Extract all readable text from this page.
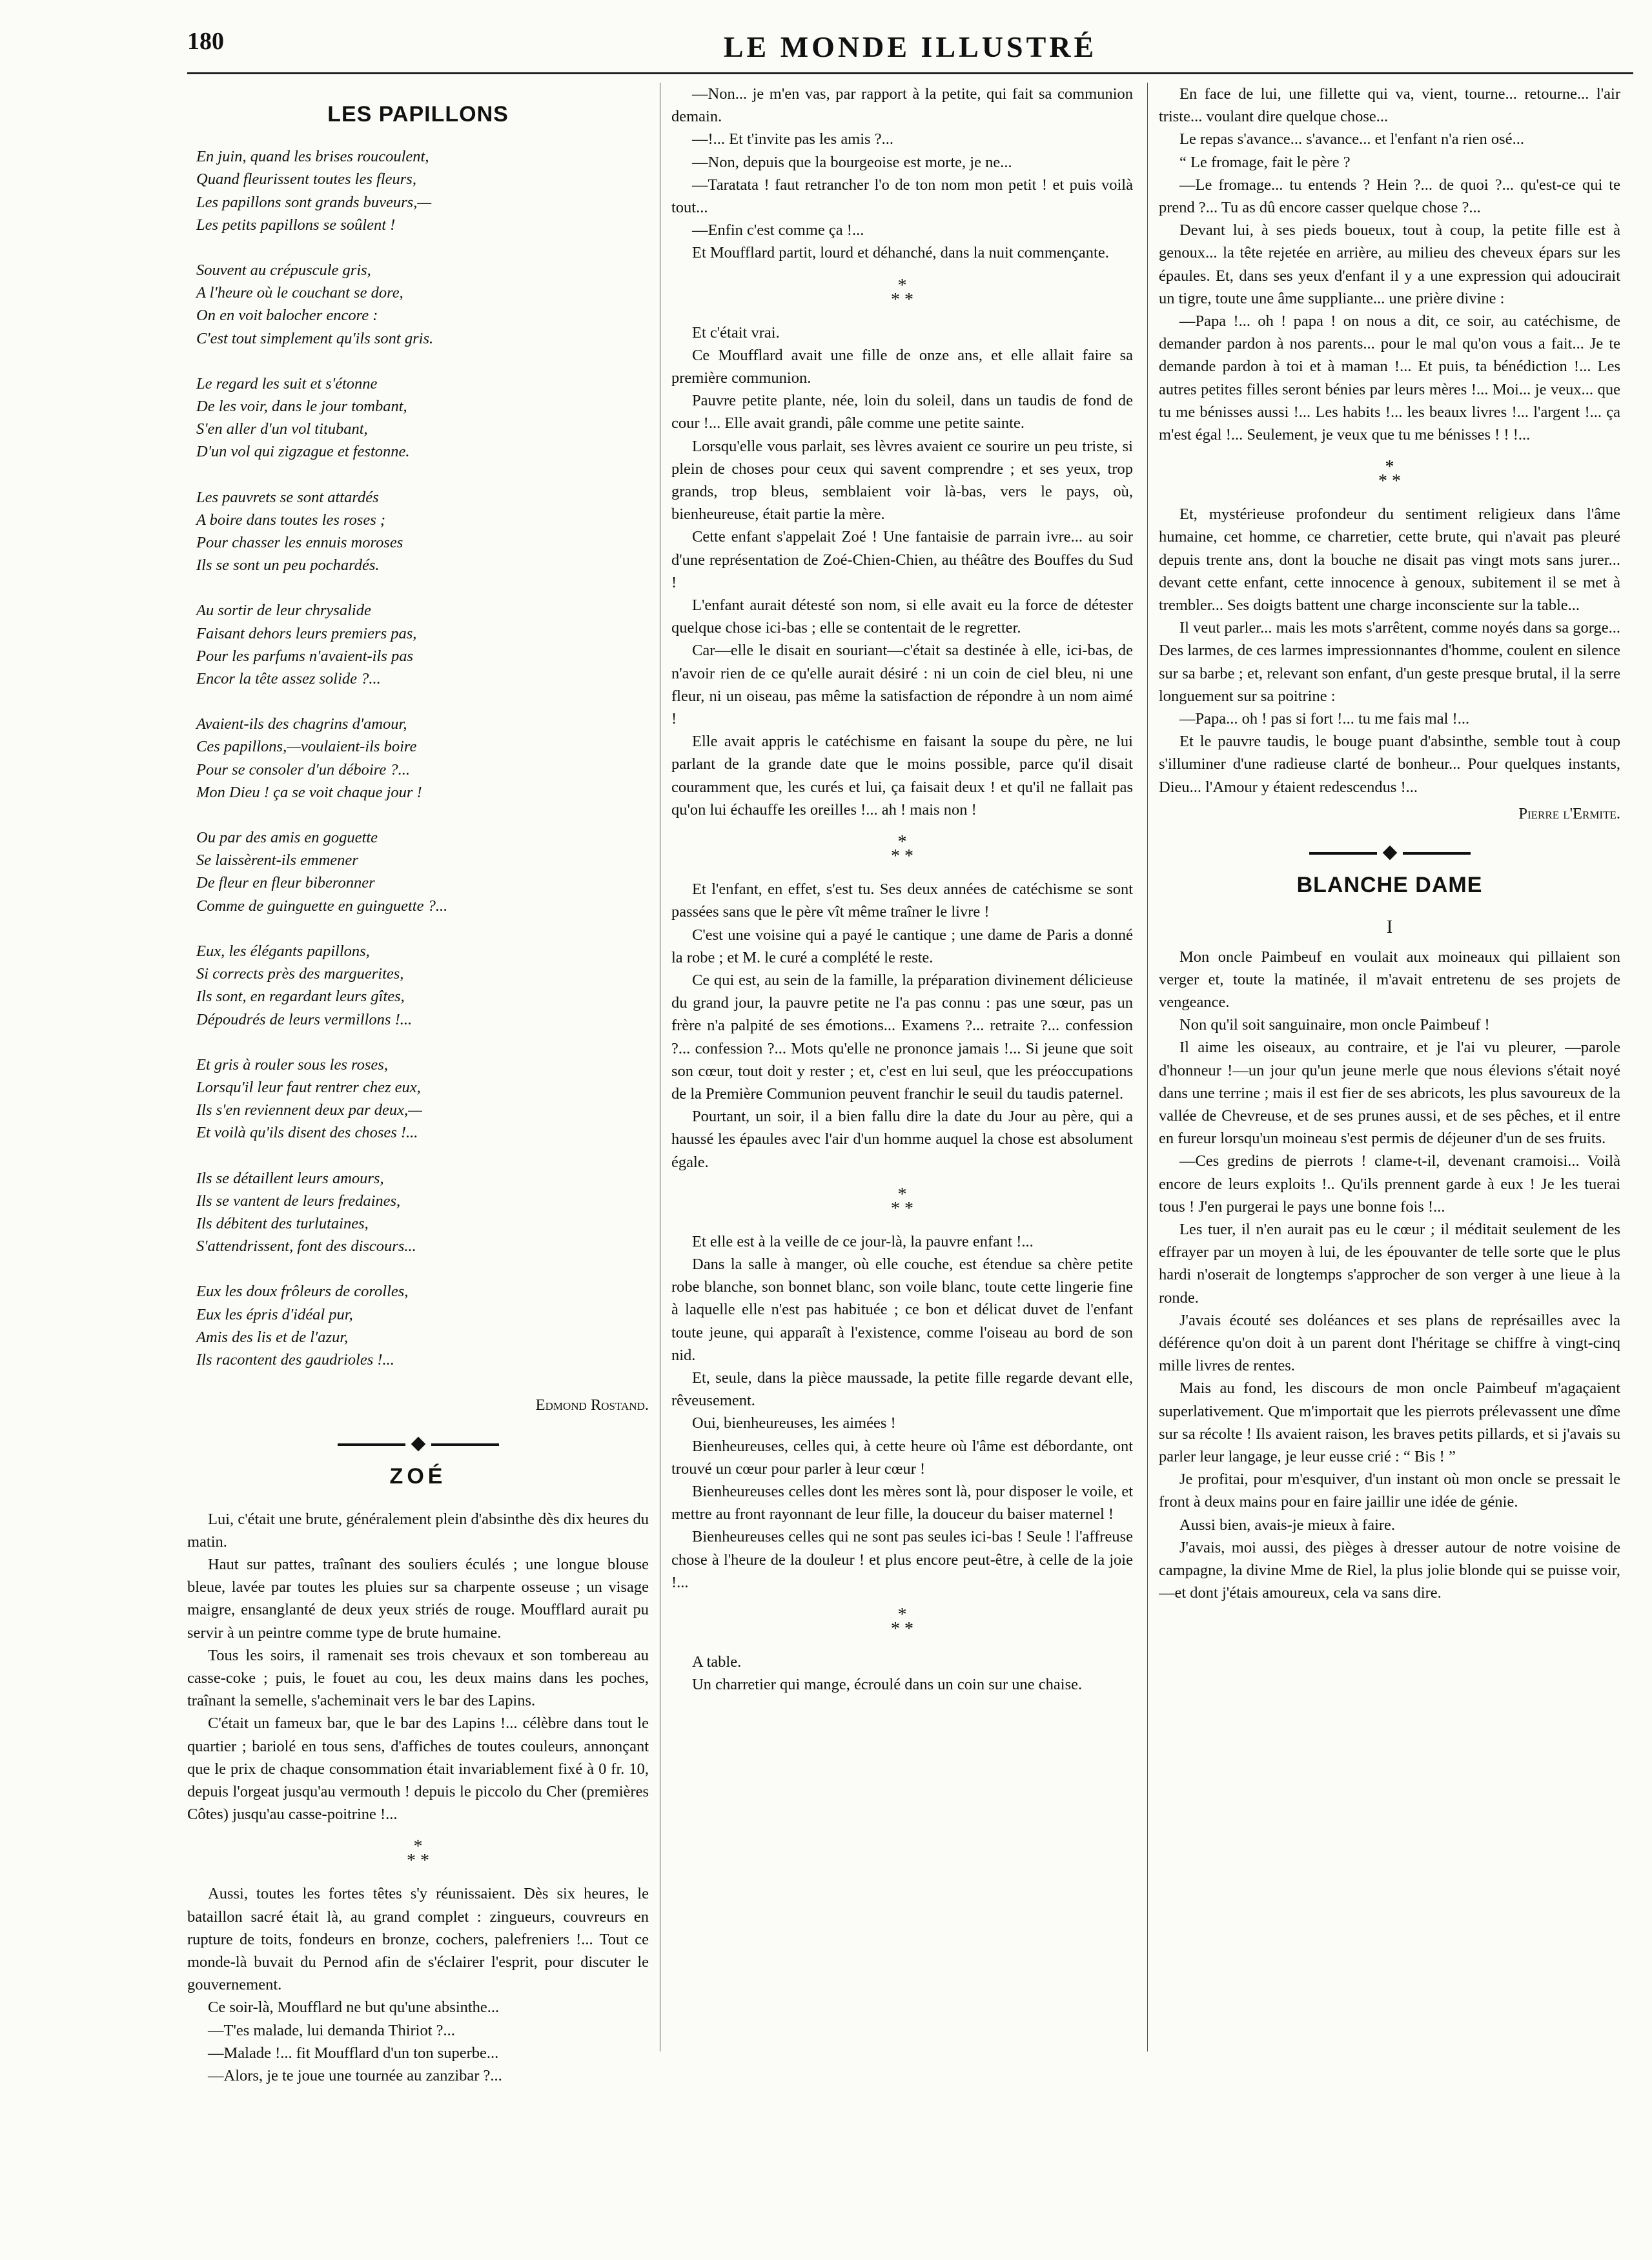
180	LE MONDE ILLUSTRÉ
LES PAPILLONS
En juin, quand les brises roucoulent,
Quand fleurissent toutes les fleurs,
Les papillons sont grands buveurs,—
Les petits papillons se soûlent !
Souvent au crépuscule gris,
A l'heure où le couchant se dore,
On en voit balocher encore :
C'est tout simplement qu'ils sont gris.
Le regard les suit et s'étonne
De les voir, dans le jour tombant,
S'en aller d'un vol titubant,
D'un vol qui zigzague et festonne.
Les pauvrets se sont attardés
A boire dans toutes les roses ;
Pour chasser les ennuis moroses
Ils se sont un peu pochardés.
Au sortir de leur chrysalide
Faisant dehors leurs premiers pas,
Pour les parfums n'avaient-ils pas
Encor la tête assez solide ?...
Avaient-ils des chagrins d'amour,
Ces papillons,—voulaient-ils boire
Pour se consoler d'un déboire ?...
Mon Dieu ! ça se voit chaque jour !
Ou par des amis en goguette
Se laissèrent-ils emmener
De fleur en fleur biberonner
Comme de guinguette en guinguette ?...
Eux, les élégants papillons,
Si corrects près des marguerites,
Ils sont, en regardant leurs gîtes,
Dépoudrés de leurs vermillons !...
Et gris à rouler sous les roses,
Lorsqu'il leur faut rentrer chez eux,
Ils s'en reviennent deux par deux,—
Et voilà qu'ils disent des choses !...
Ils se détaillent leurs amours,
Ils se vantent de leurs fredaines,
Ils débitent des turlutaines,
S'attendrissent, font des discours...
Eux les doux frôleurs de corolles,
Eux les épris d'idéal pur,
Amis des lis et de l'azur,
Ils racontent des gaudrioles !...
Edmond Rostand.
ZOÉ

Lui, c'était une brute, généralement plein d'absinthe dès dix heures du matin.

Haut sur pattes, traînant des souliers éculés ; une longue blouse bleue, lavée par toutes les pluies sur sa charpente osseuse ; un visage maigre, ensanglanté de deux yeux striés de rouge. Moufflard aurait pu servir à un peintre comme type de brute humaine.

Tous les soirs, il ramenait ses trois chevaux et son tombereau au casse-coke ; puis, le fouet au cou, les deux mains dans les poches, traînant la semelle, s'acheminait vers le bar des Lapins.

C'était un fameux bar, que le bar des Lapins !... célèbre dans tout le quartier ; bariolé en tous sens, d'affiches de toutes couleurs, annonçant que le prix de chaque consommation était invariablement fixé à 0 fr. 10, depuis l'orgeat jusqu'au vermouth ! depuis le piccolo du Cher (premières Côtes) jusqu'au casse-poitrine !...

*
* *

Aussi, toutes les fortes têtes s'y réunissaient. Dès six heures, le bataillon sacré était là, au grand complet : zingueurs, couvreurs en rupture de toits, fondeurs en bronze, cochers, palefreniers !... Tout ce monde-là buvait du Pernod afin de s'éclairer l'esprit, pour discuter le gouvernement.

Ce soir-là, Moufflard ne but qu'une absinthe...

—T'es malade, lui demanda Thiriot ?...

—Malade !... fit Moufflard d'un ton superbe...

—Alors, je te joue une tournée au zanzibar ?...

—Non... je m'en vas, par rapport à la petite, qui fait sa communion demain.

—!... Et t'invite pas les amis ?...

—Non, depuis que la bourgeoise est morte, je ne...

—Taratata ! faut retrancher l'o de ton nom mon petit ! et puis voilà tout...

—Enfin c'est comme ça !...

Et Moufflard partit, lourd et déhanché, dans la nuit commençante.

*
* *

Et c'était vrai.

Ce Moufflard avait une fille de onze ans, et elle allait faire sa première communion.

Pauvre petite plante, née, loin du soleil, dans un taudis de fond de cour !... Elle avait grandi, pâle comme une petite sainte.

Lorsqu'elle vous parlait, ses lèvres avaient ce sourire un peu triste, si plein de choses pour ceux qui savent comprendre ; et ses yeux, trop grands, trop bleus, semblaient voir là-bas, vers le pays, où, bienheureuse, était partie la mère.

Cette enfant s'appelait Zoé ! Une fantaisie de parrain ivre... au soir d'une représentation de Zoé-Chien-Chien, au théâtre des Bouffes du Sud !

L'enfant aurait détesté son nom, si elle avait eu la force de détester quelque chose ici-bas ; elle se contentait de le regretter.

Car—elle le disait en souriant—c'était sa destinée à elle, ici-bas, de n'avoir rien de ce qu'elle aurait désiré : ni un coin de ciel bleu, ni une fleur, ni un oiseau, pas même la satisfaction de répondre à un nom aimé !

Elle avait appris le catéchisme en faisant la soupe du père, ne lui parlant de la grande date que le moins possible, parce qu'il disait couramment que, les curés et lui, ça faisait deux ! et qu'il ne fallait pas qu'on lui échauffe les oreilles !... ah ! mais non !

*
* *

Et l'enfant, en effet, s'est tu. Ses deux années de catéchisme se sont passées sans que le père vît même traîner le livre !

C'est une voisine qui a payé le cantique ; une dame de Paris a donné la robe ; et M. le curé a complété le reste.

Ce qui est, au sein de la famille, la préparation divinement délicieuse du grand jour, la pauvre petite ne l'a pas connu : pas une sœur, pas un frère n'a palpité de ses émotions... Examens ?... retraite ?... confession ?... confession ?... Mots qu'elle ne prononce jamais !... Si jeune que soit son cœur, tout doit y rester ; et, c'est en lui seul, que les préoccupations de la Première Communion peuvent franchir le seuil du taudis paternel.

Pourtant, un soir, il a bien fallu dire la date du Jour au père, qui a haussé les épaules avec l'air d'un homme auquel la chose est absolument égale.

*
* *

Et elle est à la veille de ce jour-là, la pauvre enfant !...

Dans la salle à manger, où elle couche, est étendue sa chère petite robe blanche, son bonnet blanc, son voile blanc, toute cette lingerie fine à laquelle elle n'est pas habituée ; ce bon et délicat duvet de l'enfant toute jeune, qui apparaît à l'existence, comme l'oiseau au bord de son nid.

Et, seule, dans la pièce maussade, la petite fille regarde devant elle, rêveusement.

Oui, bienheureuses, les aimées !

Bienheureuses, celles qui, à cette heure où l'âme est débordante, ont trouvé un cœur pour parler à leur cœur !

Bienheureuses celles dont les mères sont là, pour disposer le voile, et mettre au front rayonnant de leur fille, la douceur du baiser maternel !

Bienheureuses celles qui ne sont pas seules ici-bas ! Seule ! l'affreuse chose à l'heure de la douleur ! et plus encore peut-être, à celle de la joie !...

*
* *

A table.

Un charretier qui mange, écroulé dans un coin sur une chaise.

En face de lui, une fillette qui va, vient, tourne... retourne... l'air triste... voulant dire quelque chose...

Le repas s'avance... s'avance... et l'enfant n'a rien osé...

“ Le fromage, fait le père ?

—Le fromage... tu entends ? Hein ?... de quoi ?... qu'est-ce qui te prend ?... Tu as dû encore casser quelque chose ?...

Devant lui, à ses pieds boueux, tout à coup, la petite fille est à genoux... la tête rejetée en arrière, au milieu des cheveux épars sur les épaules. Et, dans ses yeux d'enfant il y a une expression qui adoucirait un tigre, toute une âme suppliante... une prière divine :

—Papa !... oh ! papa ! on nous a dit, ce soir, au catéchisme, de demander pardon à nos parents... pour le mal qu'on vous a fait... Je te demande pardon à toi et à maman !... Et puis, ta bénédiction !... Les autres petites filles seront bénies par leurs mères !... Moi... je veux... que tu me bénisses aussi !... Les habits !... les beaux livres !... l'argent !... ça m'est égal !... Seulement, je veux que tu me bénisses ! ! !...

*
* *

Et, mystérieuse profondeur du sentiment religieux dans l'âme humaine, cet homme, ce charretier, cette brute, qui n'avait pas pleuré depuis trente ans, dont la bouche ne disait pas vingt mots sans jurer... devant cette enfant, cette innocence à genoux, subitement il se met à trembler... Ses doigts battent une charge inconsciente sur la table...

Il veut parler... mais les mots s'arrêtent, comme noyés dans sa gorge... Des larmes, de ces larmes impressionnantes d'homme, coulent en silence sur sa barbe ; et, relevant son enfant, d'un geste presque brutal, il la serre longuement sur sa poitrine :

—Papa... oh ! pas si fort !... tu me fais mal !...

Et le pauvre taudis, le bouge puant d'absinthe, semble tout à coup s'illuminer d'une radieuse clarté de bonheur... Pour quelques instants, Dieu... l'Amour y étaient redescendus !...

Pierre l'Ermite.
BLANCHE DAME
I

Mon oncle Paimbeuf en voulait aux moineaux qui pillaient son verger et, toute la matinée, il m'avait entretenu de ses projets de vengeance.

Non qu'il soit sanguinaire, mon oncle Paimbeuf !

Il aime les oiseaux, au contraire, et je l'ai vu pleurer, —parole d'honneur !—un jour qu'un jeune merle que nous élevions s'était noyé dans une terrine ; mais il est fier de ses abricots, les plus savoureux de la vallée de Chevreuse, et de ses prunes aussi, et de ses pêches, et il entre en fureur lorsqu'un moineau s'est permis de déjeuner d'un de ses fruits.

—Ces gredins de pierrots ! clame-t-il, devenant cramoisi... Voilà encore de leurs exploits !.. Qu'ils prennent garde à eux ! Je les tuerai tous ! J'en purgerai le pays une bonne fois !...

Les tuer, il n'en aurait pas eu le cœur ; il méditait seulement de les effrayer par un moyen à lui, de les épouvanter de telle sorte que le plus hardi n'oserait de longtemps s'approcher de son verger à une lieue à la ronde.

J'avais écouté ses doléances et ses plans de représailles avec la déférence qu'on doit à un parent dont l'héritage se chiffre à vingt-cinq mille livres de rentes.

Mais au fond, les discours de mon oncle Paimbeuf m'agaçaient superlativement. Que m'importait que les pierrots prélevassent une dîme sur sa récolte ! Ils avaient raison, les braves petits pillards, et si j'avais su parler leur langage, je leur eusse crié : “ Bis ! ”

Je profitai, pour m'esquiver, d'un instant où mon oncle se pressait le front à deux mains pour en faire jaillir une idée de génie.

Aussi bien, avais-je mieux à faire.

J'avais, moi aussi, des pièges à dresser autour de notre voisine de campagne, la divine Mme de Riel, la plus jolie blonde qui se puisse voir,—et dont j'étais amoureux, cela va sans dire.
